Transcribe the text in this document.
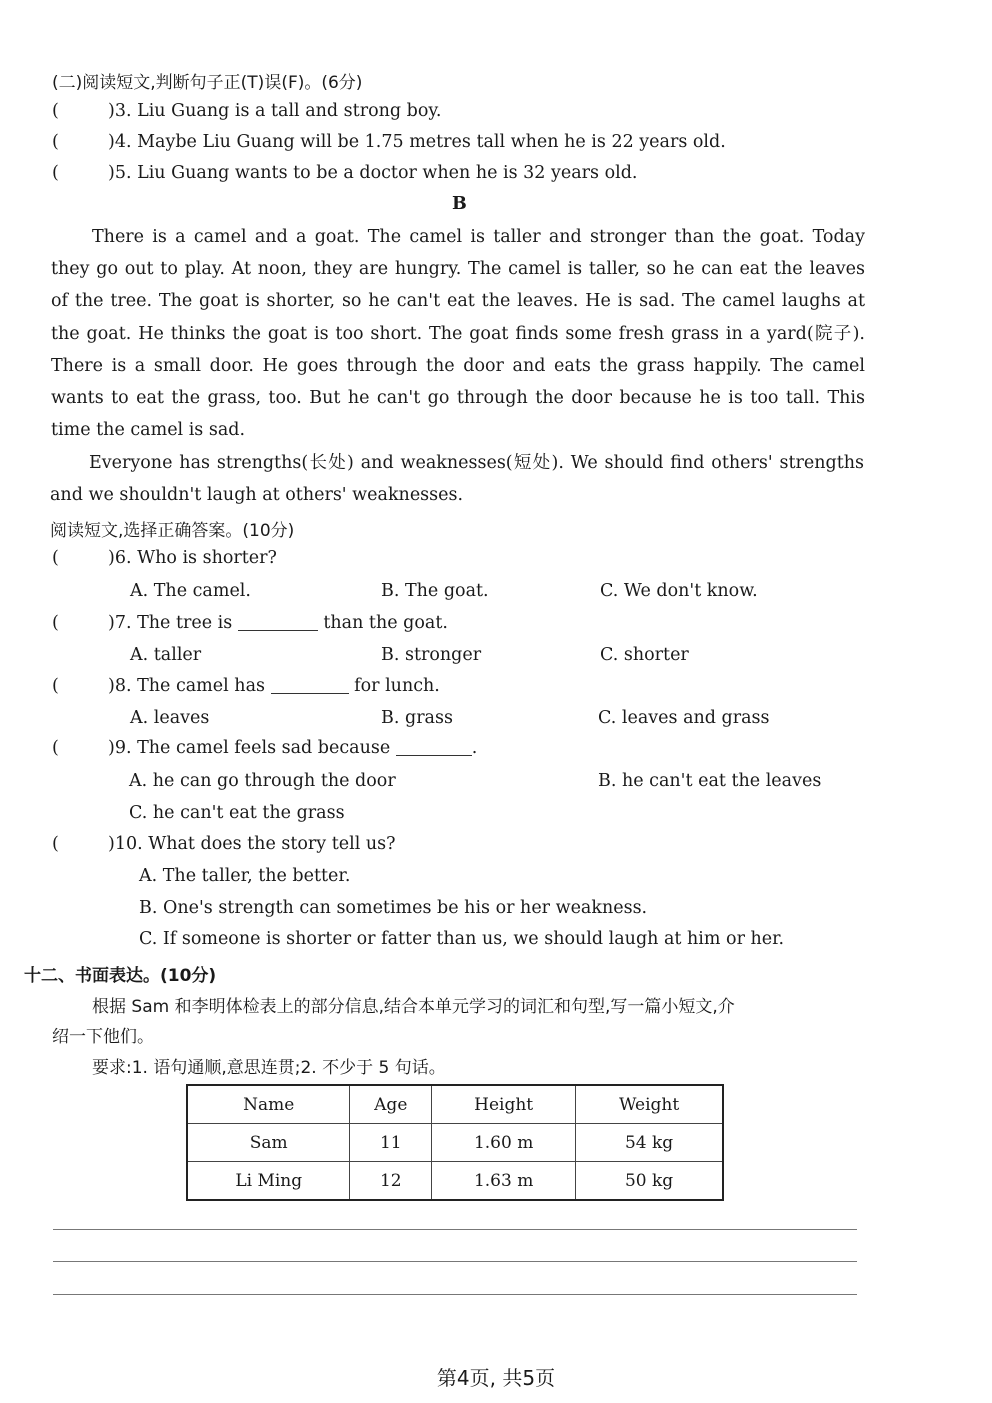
(二)阅读短文,判断句子正(T)误(F)。(6分)
(	)3. Liu Guang is a tall and strong boy.
(	)4. Maybe Liu Guang will be 1.75 metres tall when he is 22 years old.
(	)5. Liu Guang wants to be a doctor when he is 32 years old.
B
There is a camel and a goat. The camel is taller and stronger than the goat. Today they go out to play. At noon, they are hungry. The camel is taller, so he can eat the leaves of the tree. The goat is shorter, so he can't eat the leaves. He is sad. The camel laughs at the goat. He thinks the goat is too short. The goat finds some fresh grass in a yard(院子). There is a small door. He goes through the door and eats the grass happily. The camel wants to eat the grass, too. But he can't go through the door because he is too tall. This time the camel is sad.
Everyone has strengths(长处) and weaknesses(短处). We should find others' strengths and we shouldn't laugh at others' weaknesses.
阅读短文,选择正确答案。(10分)
(	)6. Who is shorter?
A. The camel.	B. The goat.	C. We don't know.
(	)7. The tree is	than the goat.
A. taller	B. stronger	C. shorter
(	)8. The camel has	for lunch.
A. leaves	B. grass	C. leaves and grass
(	)9. The camel feels sad because	.
A. he can go through the door	B. he can't eat the leaves
C. he can't eat the grass
(	)10. What does the story tell us?
A. The taller, the better.
B. One's strength can sometimes be his or her weakness.
C. If someone is shorter or fatter than us, we should laugh at him or her.
十二、书面表达。(10分)
根据 Sam 和李明体检表上的部分信息,结合本单元学习的词汇和句型,写一篇小短文,介
绍一下他们。
要求:1. 语句通顺,意思连贯;2. 不少于 5 句话。
Name	Age	Height	Weight
Sam	11	1.60 m	54 kg
Li Ming	12	1.63 m	50 kg
第4页, 共5页
